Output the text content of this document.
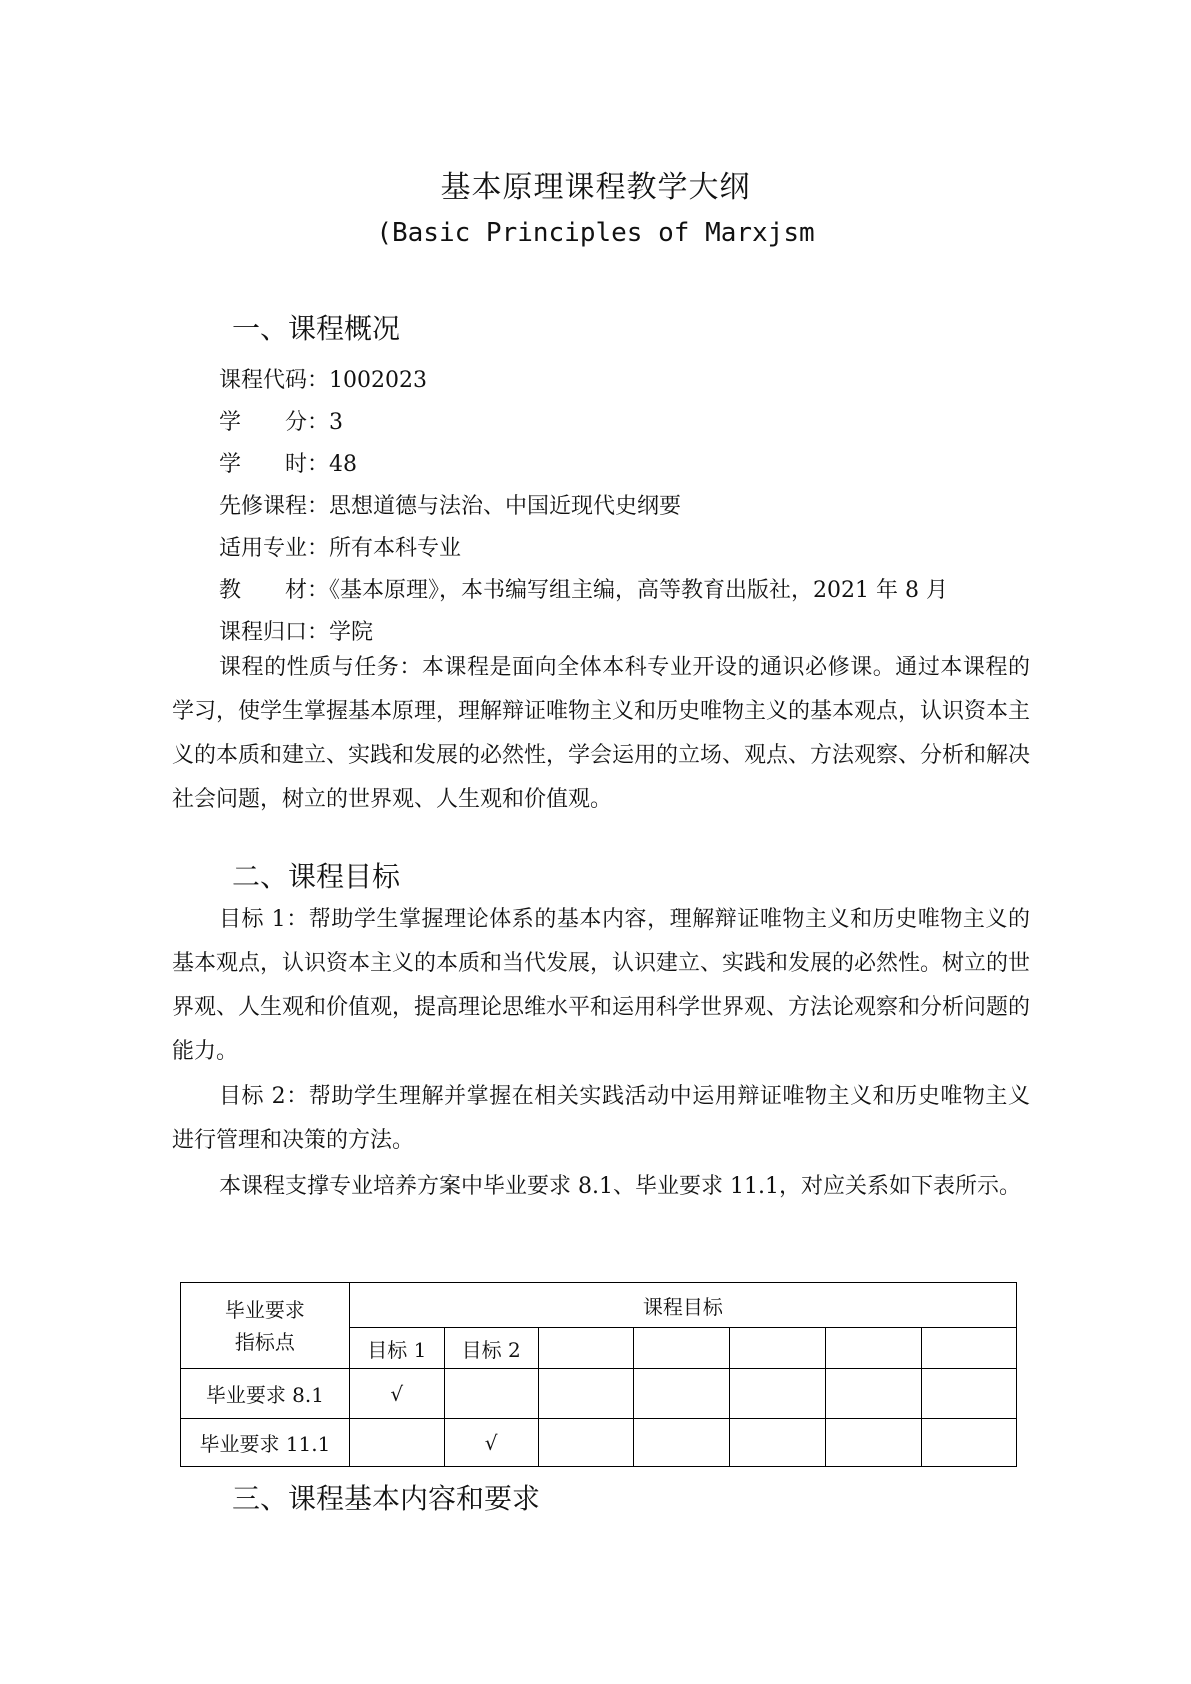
基本原理课程教学大纲
(Basic Principles of Marxjsm
一、课程概况
课程代码：1002023
学　　分：3
学　　时：48
先修课程：思想道德与法治、中国近现代史纲要
适用专业：所有本科专业
教　　材：《基本原理》，本书编写组主编，高等教育出版社，2021 年 8 月
课程归口：学院
课程的性质与任务：本课程是面向全体本科专业开设的通识必修课。通过本课程的学习，使学生掌握基本原理，理解辩证唯物主义和历史唯物主义的基本观点，认识资本主义的本质和建立、实践和发展的必然性，学会运用的立场、观点、方法观察、分析和解决社会问题，树立的世界观、人生观和价值观。
二、课程目标
目标 1：帮助学生掌握理论体系的基本内容，理解辩证唯物主义和历史唯物主义的基本观点，认识资本主义的本质和当代发展，认识建立、实践和发展的必然性。树立的世界观、人生观和价值观，提高理论思维水平和运用科学世界观、方法论观察和分析问题的能力。
目标 2：帮助学生理解并掌握在相关实践活动中运用辩证唯物主义和历史唯物主义进行管理和决策的方法。
本课程支撑专业培养方案中毕业要求 8.1、毕业要求 11.1，对应关系如下表所示。
毕业要求
指标点	课程目标						
	目标 1	目标 2					
毕业要求 8.1	√						
毕业要求 11.1		√					
三、课程基本内容和要求
